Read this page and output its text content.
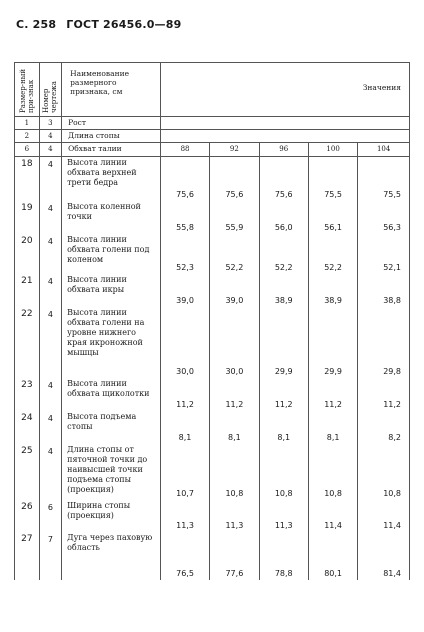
С. 258 ГОСТ 26456.0—89
Размер-ный при-знак	Номер чертежа	Наименование размерного признака, см	Значения				

1	3	Рост					
2	4	Длина стопы					
6	4	Обхват талии	88	92	96	100	104
18	4	Высота линии обхвата верхней трети бедра	75,6	75,6	75,6	75,5	75,5
19	4	Высота коленной точки	55,8	55,9	56,0	56,1	56,3
20	4	Высота линии обхвата голени под коленом	52,3	52,2	52,2	52,2	52,1
21	4	Высота линии обхвата икры	39,0	39,0	38,9	38,9	38,8
22	4	Высота линии обхвата голени на уровне нижнего края икроножной мышцы	30,0	30,0	29,9	29,9	29,8
23	4	Высота линии обхвата щиколотки	11,2	11,2	11,2	11,2	11,2
24	4	Высота подъема стопы	8,1	8,1	8,1	8,1	8,2
25	4	Длина стопы от пяточной точки до наивысшей точки подъема стопы (проекция)	10,7	10,8	10,8	10,8	10,8
26	6	Ширина стопы (проекция)	11,3	11,3	11,3	11,4	11,4
27	7	Дуга через паховую область	76,5	77,6	78,8	80,1	81,4
